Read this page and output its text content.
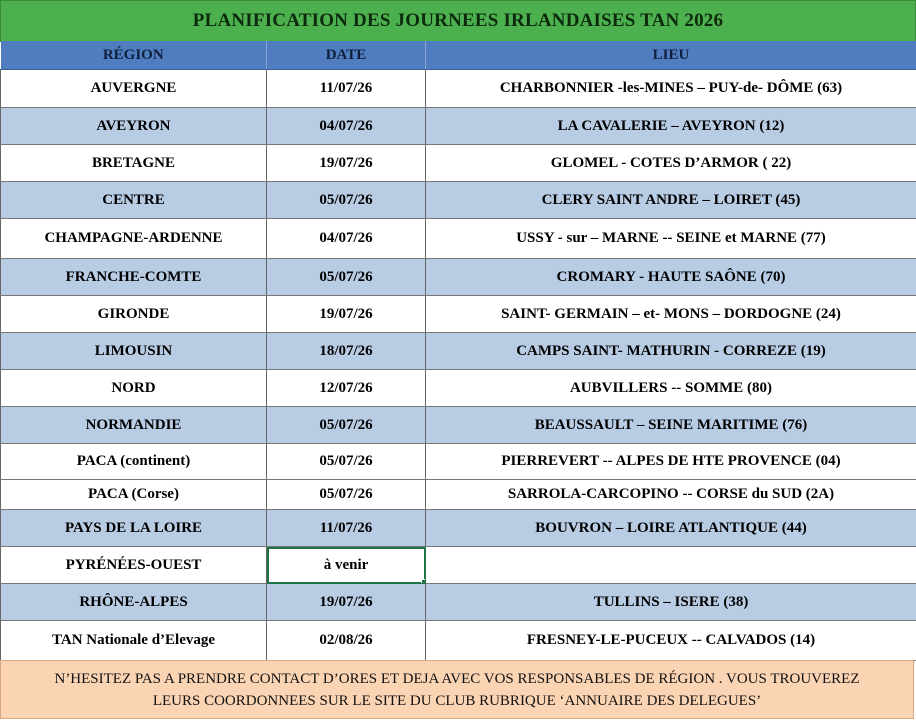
PLANIFICATION DES JOURNEES IRLANDAISES TAN 2026
RÉGION	DATE	LIEU
AUVERGNE	11/07/26	CHARBONNIER -les-MINES – PUY-de- DÔME (63)
AVEYRON	04/07/26	LA CAVALERIE – AVEYRON (12)
BRETAGNE	19/07/26	GLOMEL - COTES D’ARMOR ( 22)
CENTRE	05/07/26	CLERY SAINT ANDRE – LOIRET (45)
CHAMPAGNE-ARDENNE	04/07/26	USSY - sur – MARNE -- SEINE et MARNE (77)
FRANCHE-COMTE	05/07/26	CROMARY - HAUTE SAÔNE (70)
GIRONDE	19/07/26	SAINT- GERMAIN – et- MONS – DORDOGNE (24)
LIMOUSIN	18/07/26	CAMPS SAINT- MATHURIN - CORREZE (19)
NORD	12/07/26	AUBVILLERS -- SOMME (80)
NORMANDIE	05/07/26	BEAUSSAULT – SEINE MARITIME (76)
PACA (continent)	05/07/26	PIERREVERT -- ALPES DE HTE PROVENCE (04)
PACA (Corse)	05/07/26	SARROLA-CARCOPINO -- CORSE du SUD (2A)
PAYS DE LA LOIRE	11/07/26	BOUVRON – LOIRE ATLANTIQUE (44)
PYRÉNÉES-OUEST	à venir	
RHÔNE-ALPES	19/07/26	TULLINS – ISERE (38)
TAN Nationale d’Elevage	02/08/26	FRESNEY-LE-PUCEUX -- CALVADOS (14)
N’HESITEZ PAS A PRENDRE CONTACT D’ORES ET DEJA AVEC VOS RESPONSABLES DE RÉGION . VOUS TROUVEREZ
LEURS COORDONNEES SUR LE SITE DU CLUB RUBRIQUE ‘ANNUAIRE DES DELEGUES’
